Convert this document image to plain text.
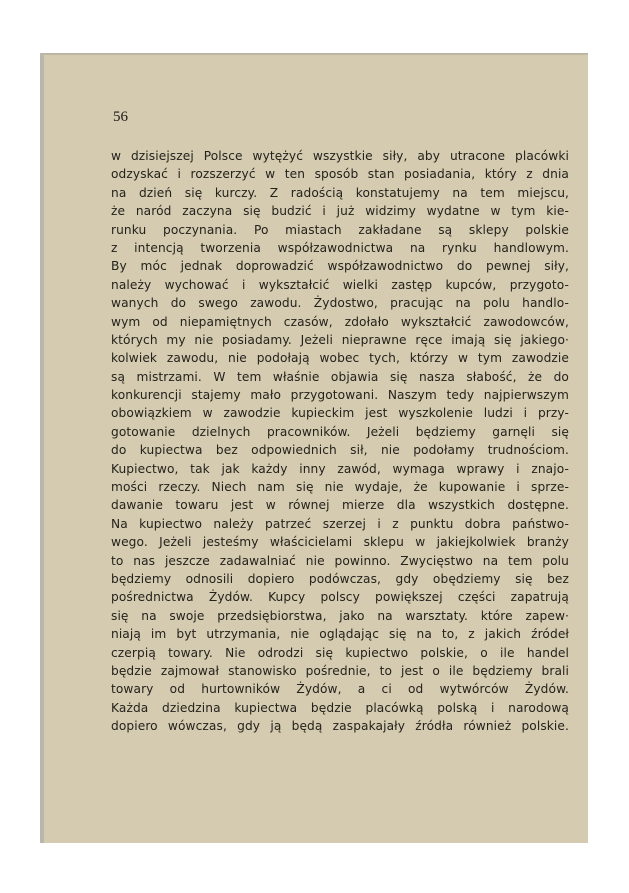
56
w dzisiejszej Polsce wytężyć wszystkie siły, aby utracone placówki
odzyskać i rozszerzyć w ten sposób stan posiadania, który z dnia
na dzień się kurczy. Z radością konstatujemy na tem miejscu,
że naród zaczyna się budzić i już widzimy wydatne w tym kie-
runku poczynania. Po miastach zakładane są sklepy polskie
z intencją tworzenia współzawodnictwa na rynku handlowym.
By móc jednak doprowadzić współzawodnictwo do pewnej siły,
należy wychować i wykształcić wielki zastęp kupców, przygoto-
wanych do swego zawodu. Żydostwo, pracując na polu handlo-
wym od niepamiętnych czasów, zdołało wykształcić zawodowców,
których my nie posiadamy. Jeżeli nieprawne ręce imają się jakiego·
kolwiek zawodu, nie podołają wobec tych, którzy w tym zawodzie
są mistrzami. W tem właśnie objawia się nasza słabość, że do
konkurencji stajemy mało przygotowani. Naszym tedy najpierwszym
obowiązkiem w zawodzie kupieckim jest wyszkolenie ludzi i przy-
gotowanie dzielnych pracowników. Jeżeli będziemy garnęli się
do kupiectwa bez odpowiednich sił, nie podołamy trudnościom.
Kupiectwo, tak jak każdy inny zawód, wymaga wprawy i znajo-
mości rzeczy. Niech nam się nie wydaje, że kupowanie i sprze-
dawanie towaru jest w równej mierze dla wszystkich dostępne.
Na kupiectwo należy patrzeć szerzej i z punktu dobra państwo-
wego. Jeżeli jesteśmy właścicielami sklepu w jakiejkolwiek branży
to nas jeszcze zadawalniać nie powinno. Zwycięstwo na tem polu
będziemy odnosili dopiero podówczas, gdy obędziemy się bez
pośrednictwa Żydów. Kupcy polscy powiększej części zapatrują
się na swoje przedsiębiorstwa, jako na warsztaty. które zapew·
niają im byt utrzymania, nie oglądając się na to, z jakich źródeł
czerpią towary. Nie odrodzi się kupiectwo polskie, o ile handel
będzie zajmował stanowisko pośrednie, to jest o ile będziemy brali
towary od hurtowników Żydów, a ci od wytwórców Żydów.
Każda dziedzina kupiectwa będzie placówką polską i narodową
dopiero wówczas, gdy ją będą zaspakajały źródła również polskie.
